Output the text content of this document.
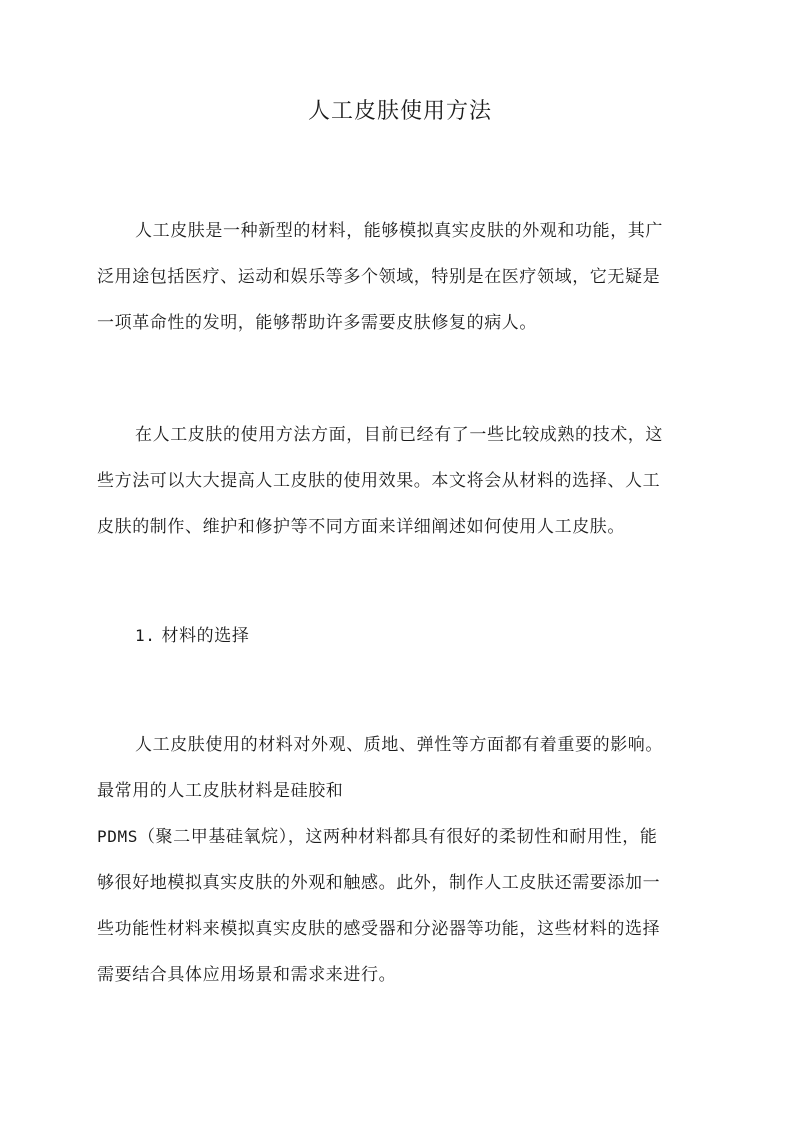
人工皮肤使用方法

人工皮肤是一种新型的材料，能够模拟真实皮肤的外观和功能，其广
泛用途包括医疗、运动和娱乐等多个领域，特别是在医疗领域，它无疑是
一项革命性的发明，能够帮助许多需要皮肤修复的病人。

在人工皮肤的使用方法方面，目前已经有了一些比较成熟的技术，这
些方法可以大大提高人工皮肤的使用效果。本文将会从材料的选择、人工
皮肤的制作、维护和修护等不同方面来详细阐述如何使用人工皮肤。

1. 材料的选择

人工皮肤使用的材料对外观、质地、弹性等方面都有着重要的影响。
最常用的人工皮肤材料是硅胶和
PDMS（聚二甲基硅氧烷），这两种材料都具有很好的柔韧性和耐用性，能
够很好地模拟真实皮肤的外观和触感。此外，制作人工皮肤还需要添加一
些功能性材料来模拟真实皮肤的感受器和分泌器等功能，这些材料的选择
需要结合具体应用场景和需求来进行。
